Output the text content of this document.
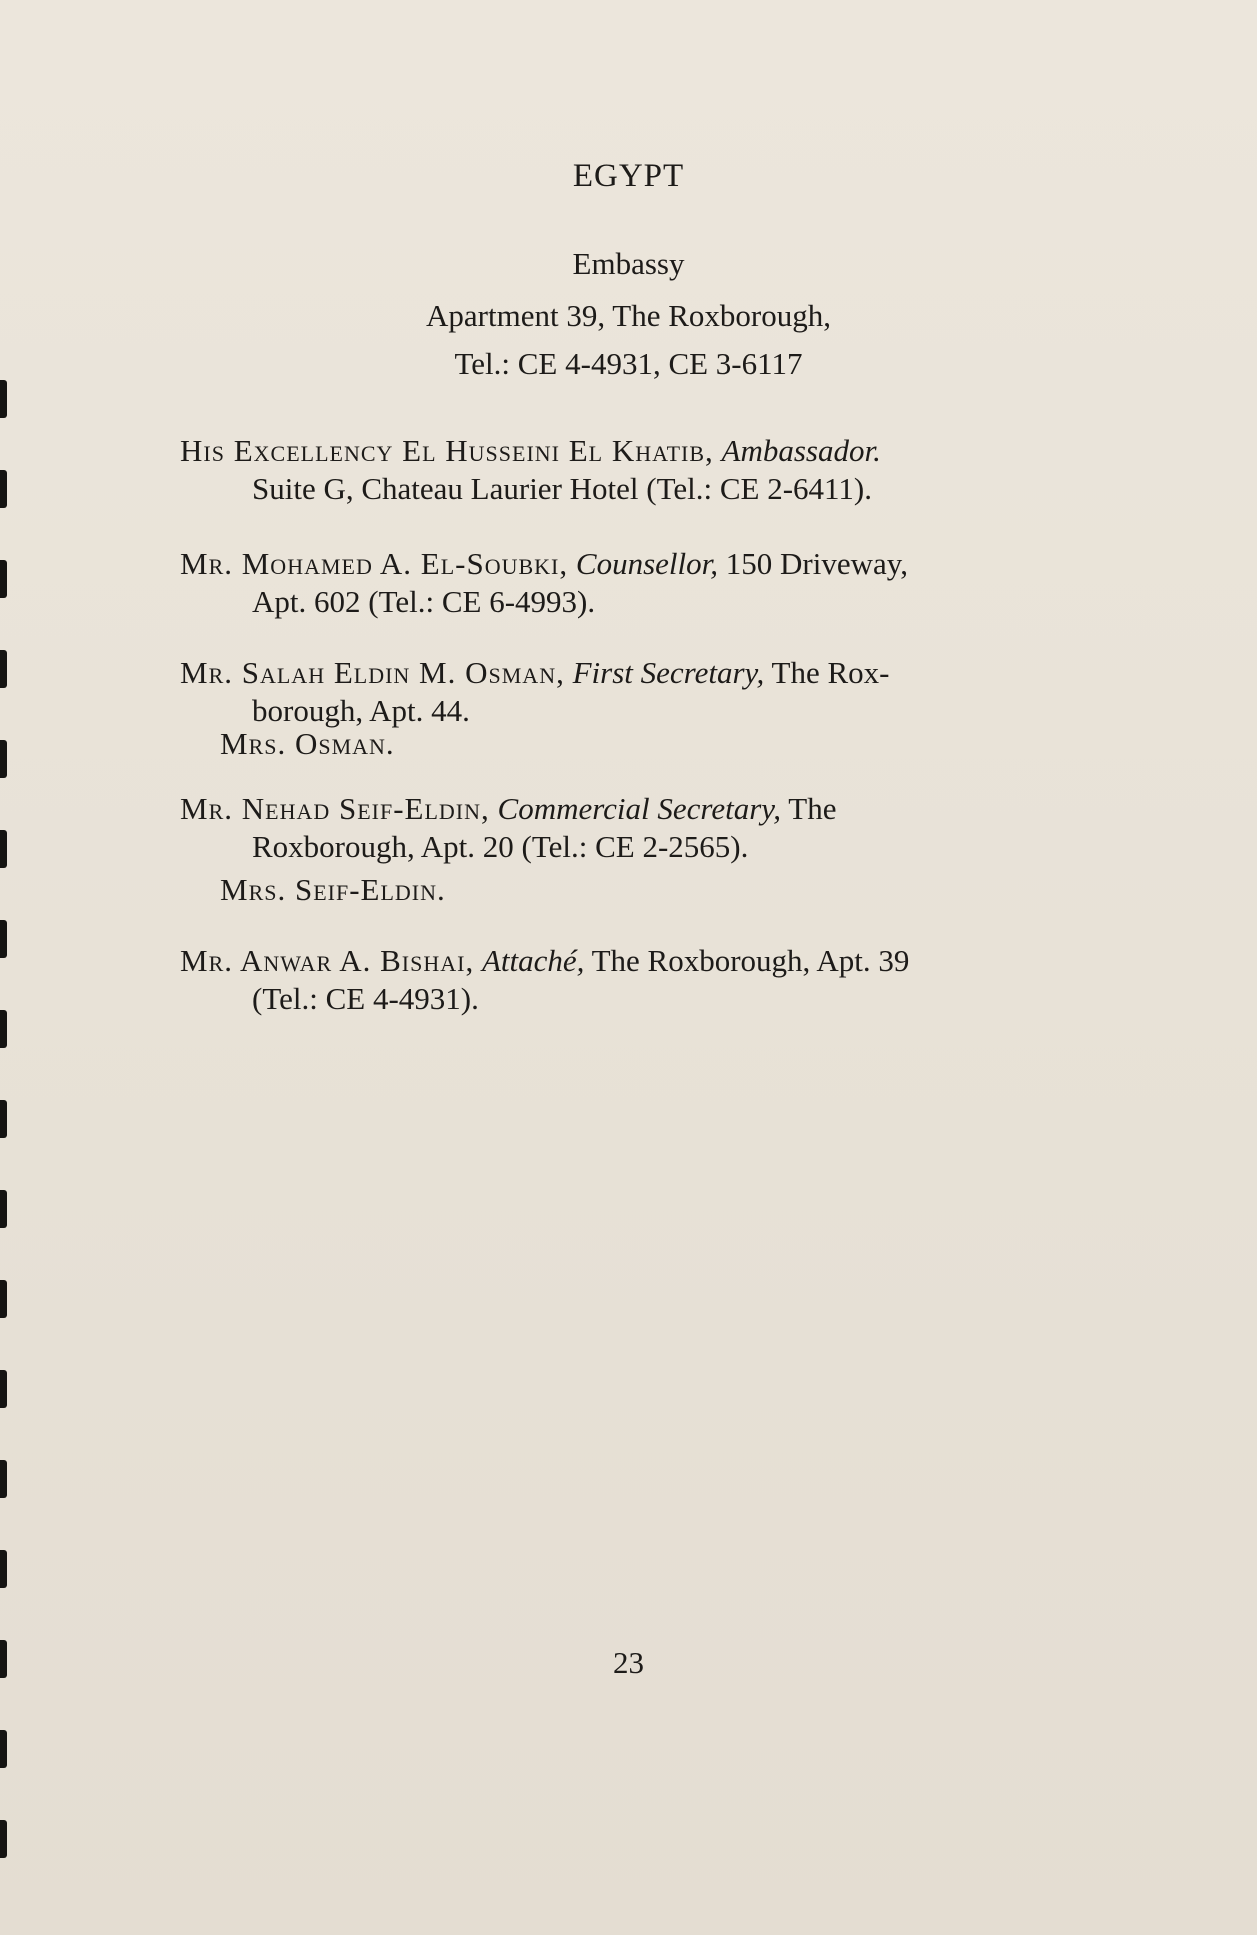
EGYPT
Embassy
Apartment 39, The Roxborough,
Tel.: CE 4-4931, CE 3-6117
His Excellency El Husseini El Khatib, Ambassador.
Suite G, Chateau Laurier Hotel (Tel.: CE 2-6411).
Mr. Mohamed A. El-Soubki, Counsellor, 150 Driveway,
Apt. 602 (Tel.: CE 6-4993).
Mr. Salah Eldin M. Osman, First Secretary, The Rox-
borough, Apt. 44.
Mrs. Osman.
Mr. Nehad Seif-Eldin, Commercial Secretary, The
Roxborough, Apt. 20 (Tel.: CE 2-2565).
Mrs. Seif-Eldin.
Mr. Anwar A. Bishai, Attaché, The Roxborough, Apt. 39
(Tel.: CE 4-4931).
23
